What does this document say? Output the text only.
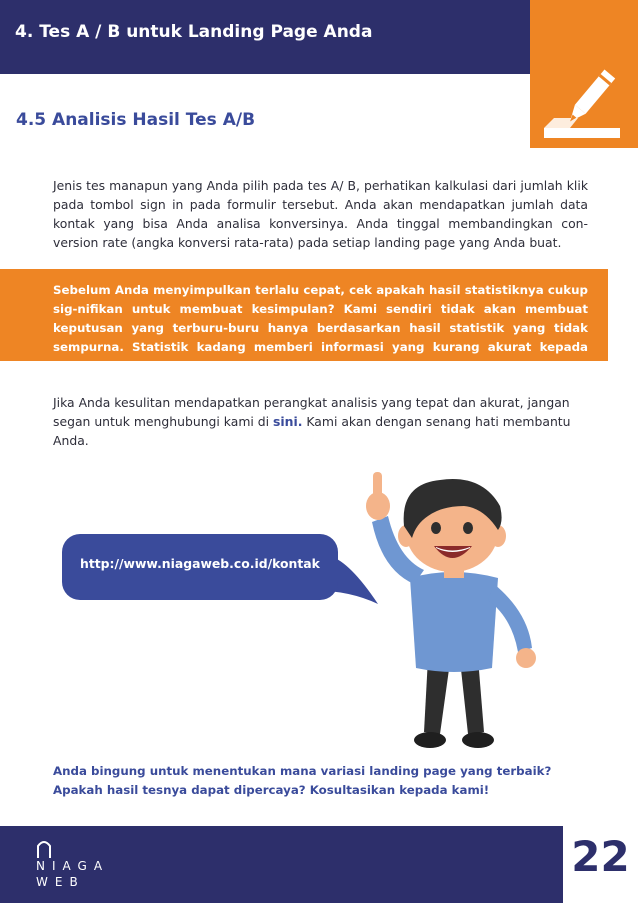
4. Tes A / B untuk Landing Page Anda
4.5 Analisis Hasil Tes A/B
Jenis tes manapun yang Anda pilih pada tes A/ B, perhatikan kalkulasi dari jumlah klik pada tombol sign in pada formulir tersebut. Anda akan mendapatkan jumlah data kontak yang bisa Anda analisa konversinya. Anda tinggal membandingkan con-version rate (angka konversi rata-rata) pada setiap landing page yang Anda buat.
Sebelum Anda menyimpulkan terlalu cepat, cek apakah hasil statistiknya cukup sig-nifikan untuk membuat kesimpulan? Kami sendiri tidak akan membuat keputusan yang terburu-buru hanya berdasarkan hasil statistik yang tidak sempurna. Statistik kadang memberi informasi yang kurang akurat kepada kita.
Jika Anda kesulitan mendapatkan perangkat analisis yang tepat dan akurat, jangan segan untuk menghubungi kami di sini. Kami akan dengan senang hati membantu Anda.
http://www.niagaweb.co.id/kontak
Anda bingung untuk menentukan mana variasi landing page yang terbaik? Apakah hasil tesnya dapat dipercaya? Kosultasikan kepada kami!
NIAGA
WEB
22
